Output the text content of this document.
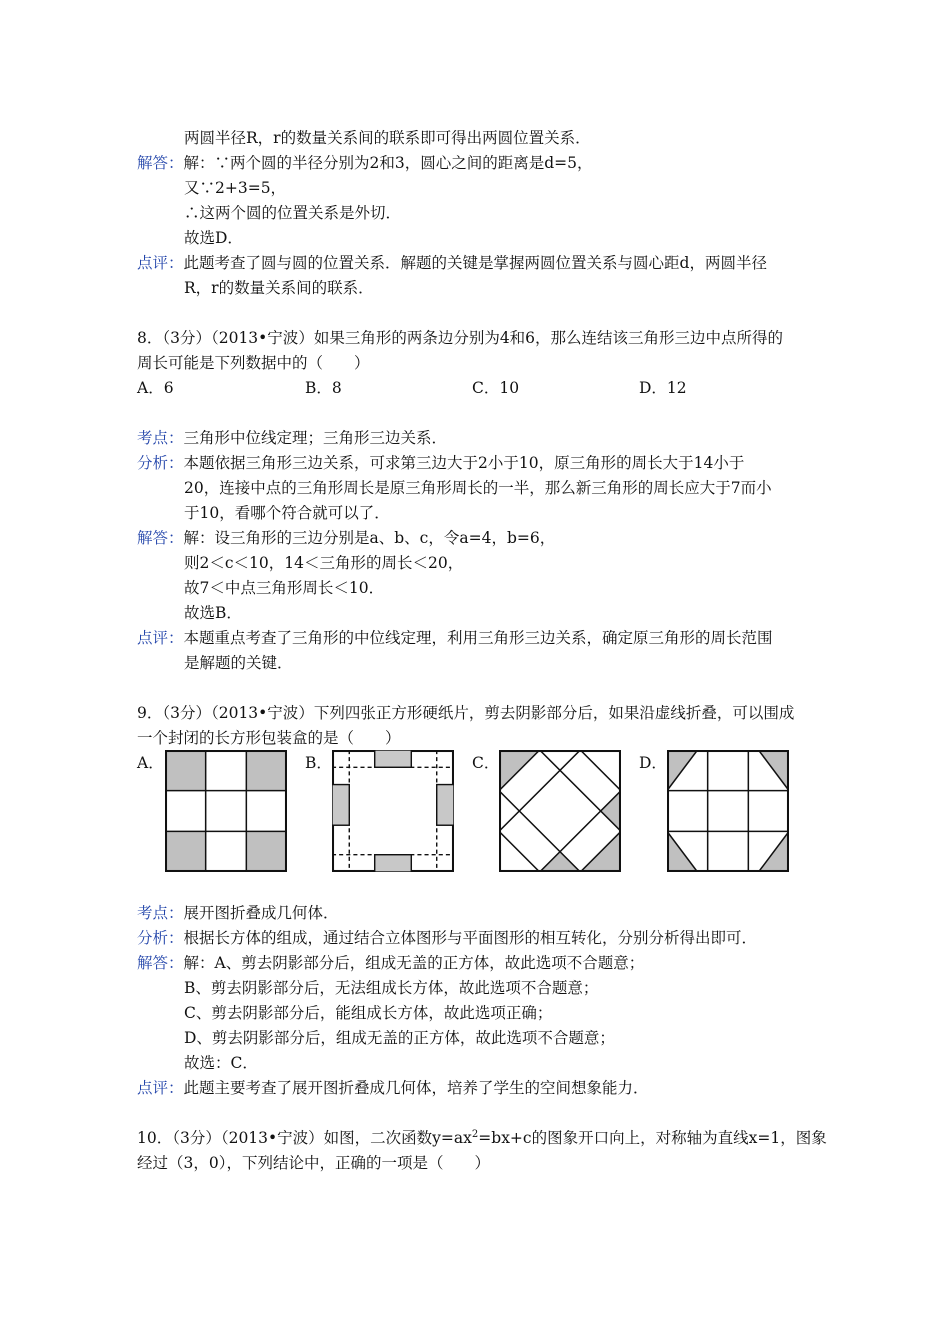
两圆半径R，r的数量关系间的联系即可得出两圆位置关系．
解答：解：∵两个圆的半径分别为2和3，圆心之间的距离是d=5，
又∵2+3=5，
∴这两个圆的位置关系是外切．
故选D．
点评：此题考查了圆与圆的位置关系．解题的关键是掌握两圆位置关系与圆心距d，两圆半径
R，r的数量关系间的联系．
8．（3分）（2013•宁波）如果三角形的两条边分别为4和6，那么连结该三角形三边中点所得的
周长可能是下列数据中的（　　）
A．6	B．8	C．10	D．12
考点：三角形中位线定理；三角形三边关系．
分析：本题依据三角形三边关系，可求第三边大于2小于10，原三角形的周长大于14小于
20，连接中点的三角形周长是原三角形周长的一半，那么新三角形的周长应大于7而小
于10，看哪个符合就可以了．
解答：解：设三角形的三边分别是a、b、c，令a=4，b=6，
则2＜c＜10，14＜三角形的周长＜20，
故7＜中点三角形周长＜10．
故选B．
点评：本题重点考查了三角形的中位线定理，利用三角形三边关系，确定原三角形的周长范围
是解题的关键．
9．（3分）（2013•宁波）下列四张正方形硬纸片，剪去阴影部分后，如果沿虚线折叠，可以围成
一个封闭的长方形包装盒的是（　　）
A．	B．	C．	D．
考点：展开图折叠成几何体．
分析：根据长方体的组成，通过结合立体图形与平面图形的相互转化，分别分析得出即可．
解答：解：A、剪去阴影部分后，组成无盖的正方体，故此选项不合题意；
B、剪去阴影部分后，无法组成长方体，故此选项不合题意；
C、剪去阴影部分后，能组成长方体，故此选项正确；
D、剪去阴影部分后，组成无盖的正方体，故此选项不合题意；
故选：C．
点评：此题主要考查了展开图折叠成几何体，培养了学生的空间想象能力．
10．（3分）（2013•宁波）如图，二次函数$y=ax^2=bx+c$的图象开口向上，对称轴为直线x=1，图象
经过（3，0），下列结论中，正确的一项是（　　）
